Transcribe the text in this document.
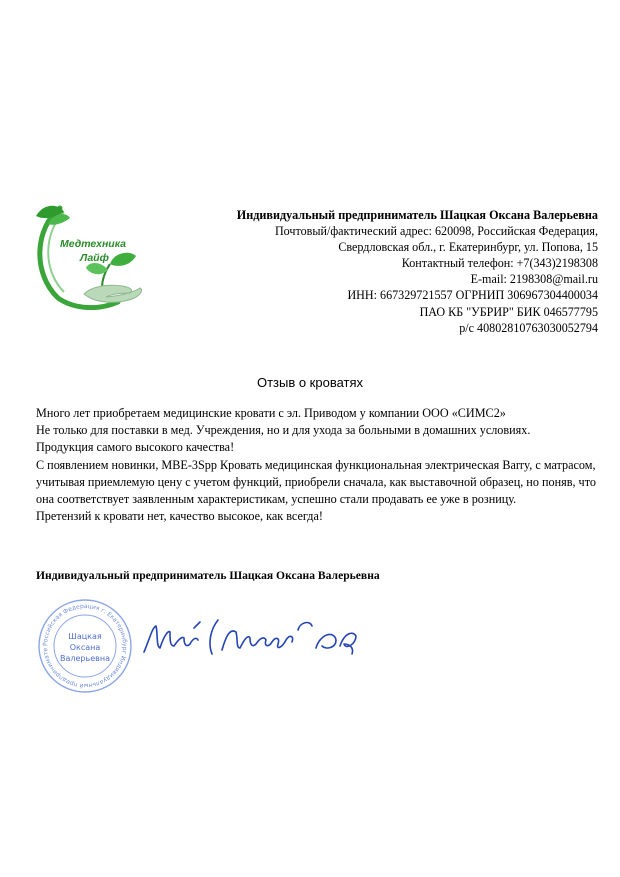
Медтехника
Лайф
Индивидуальный предприниматель Шацкая Оксана Валерьевна
Почтовый/фактический адрес: 620098, Российская Федерация,
Свердловская обл., г. Екатеринбург, ул. Попова, 15
Контактный телефон: +7(343)2198308
E-mail: 2198308@mail.ru
ИНН: 667329721557 ОГРНИП 306967304400034
ПАО КБ "УБРИР" БИК 046577795
р/с 40802810763030052794
Отзыв о кроватях

Много лет приобретаем медицинские кровати с эл. Приводом у компании ООО «СИМС2»

Не только для поставки в мед. Учреждения, но и для ухода за больными в домашних условиях.

Продукция самого высокого качества!

С появлением новинки, МВЕ-3Spp Кровать медицинская функциональная электрическая Barry, с матрасом, учитывая приемлемую цену с учетом функций, приобрели сначала, как выставочной образец, но поняв, что она соответствует заявленным характеристикам, успешно стали продавать ее уже в розницу.

Претензий к кровати нет, качество высокое, как всегда!

Индивидуальный предприниматель Шацкая Оксана Валерьевна
Российская Федерация г. Екатеринбург Индивидуальный предпринимате
Шацкая
Оксана
Валерьевна
